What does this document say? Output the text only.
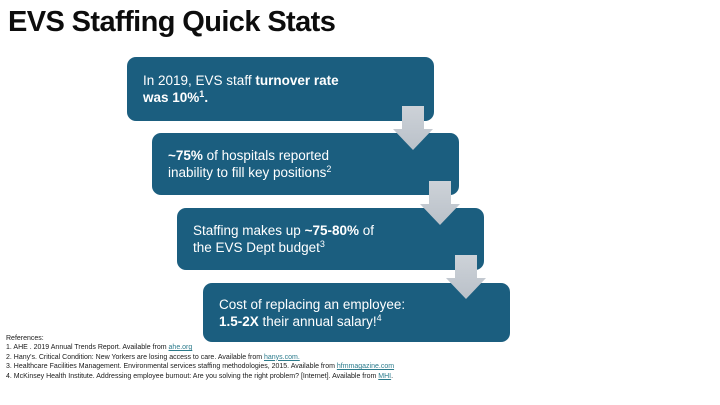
EVS Staffing Quick Stats
In 2019, EVS staff turnover rate
was 10%$^1$.
~75% of hospitals reported
inability to fill key positions$^2$
Staffing makes up ~75-80% of
the EVS Dept budget$^3$
Cost of replacing an employee:
1.5-2X their annual salary!$^4$
References:
1. AHE . 2019 Annual Trends Report. Available from ahe.org
2. Hany's. Critical Condition: New Yorkers are losing access to care. Available from hanys.com.
3. Healthcare Facilities Management. Environmental services staffing methodologies, 2015. Available from hfmmagazine.com
4. McKinsey Health Institute. Addressing employee burnout: Are you solving the right problem? [Internet]. Available from MHI.
